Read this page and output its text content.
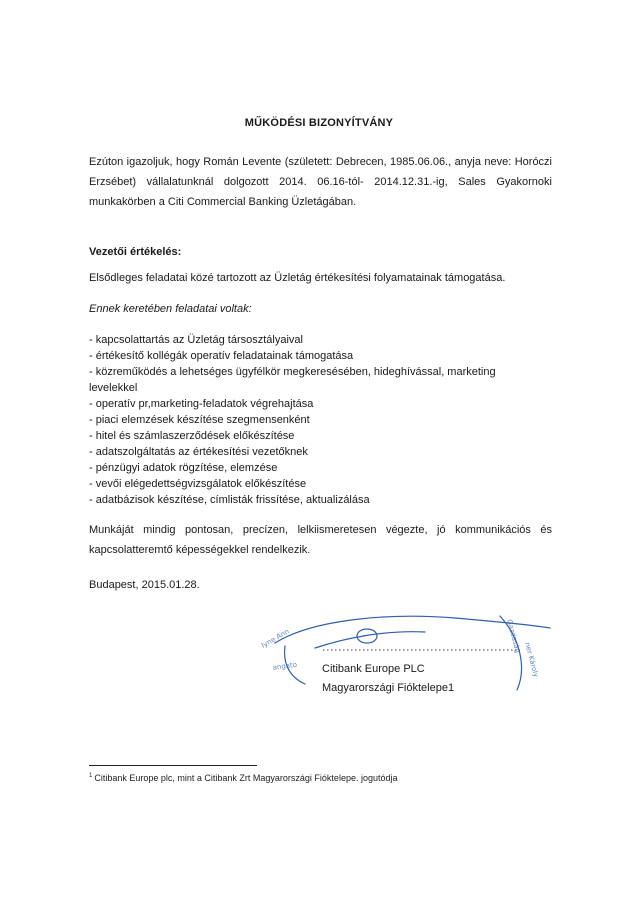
MŰKÖDÉSI BIZONYÍTVÁNY
Ezúton igazoljuk, hogy Román Levente (született: Debrecen, 1985.06.06., anyja neve: Horóczi Erzsébet) vállalatunknál dolgozott 2014. 06.16-tól- 2014.12.31.-ig, Sales Gyakornoki munkakörben a Citi Commercial Banking Üzletágában.
Vezetői értékelés:
Elsődleges feladatai közé tartozott az Üzletág értékesítési folyamatainak támogatása.
Ennek keretében feladatai voltak:
- kapcsolattartás az Üzletág társosztályaival
- értékesítő kollégák operatív feladatainak támogatása
- közreműködés a lehetséges ügyfélkör megkeresésében, hideghívással, marketing levelekkel
- operatív pr,marketing-feladatok végrehajtása
- piaci elemzések készítése szegmensenként
- hitel és számlaszerződések előkészítése
- adatszolgáltatás az értékesítési vezetőknek
- pénzügyi adatok rögzítése, elemzése
- vevői elégedettségvizsgálatok előkészítése
- adatbázisok készítése, címlisták frissítése, aktualizálása
Munkáját mindig pontosan, precízen, lelkiismeretesen végezte, jó kommunikációs és kapcsolatteremtő képességekkel rendelkezik.
Budapest, 2015.01.28.
Iyne Ann
angato
Gazdaság
ner Károly
Citibank Europe PLC
Magyarországi Fióktelepe1
$^1$ Citibank Europe plc, mint a Citibank Zrt Magyarországi Fióktelepe. jogutódja
